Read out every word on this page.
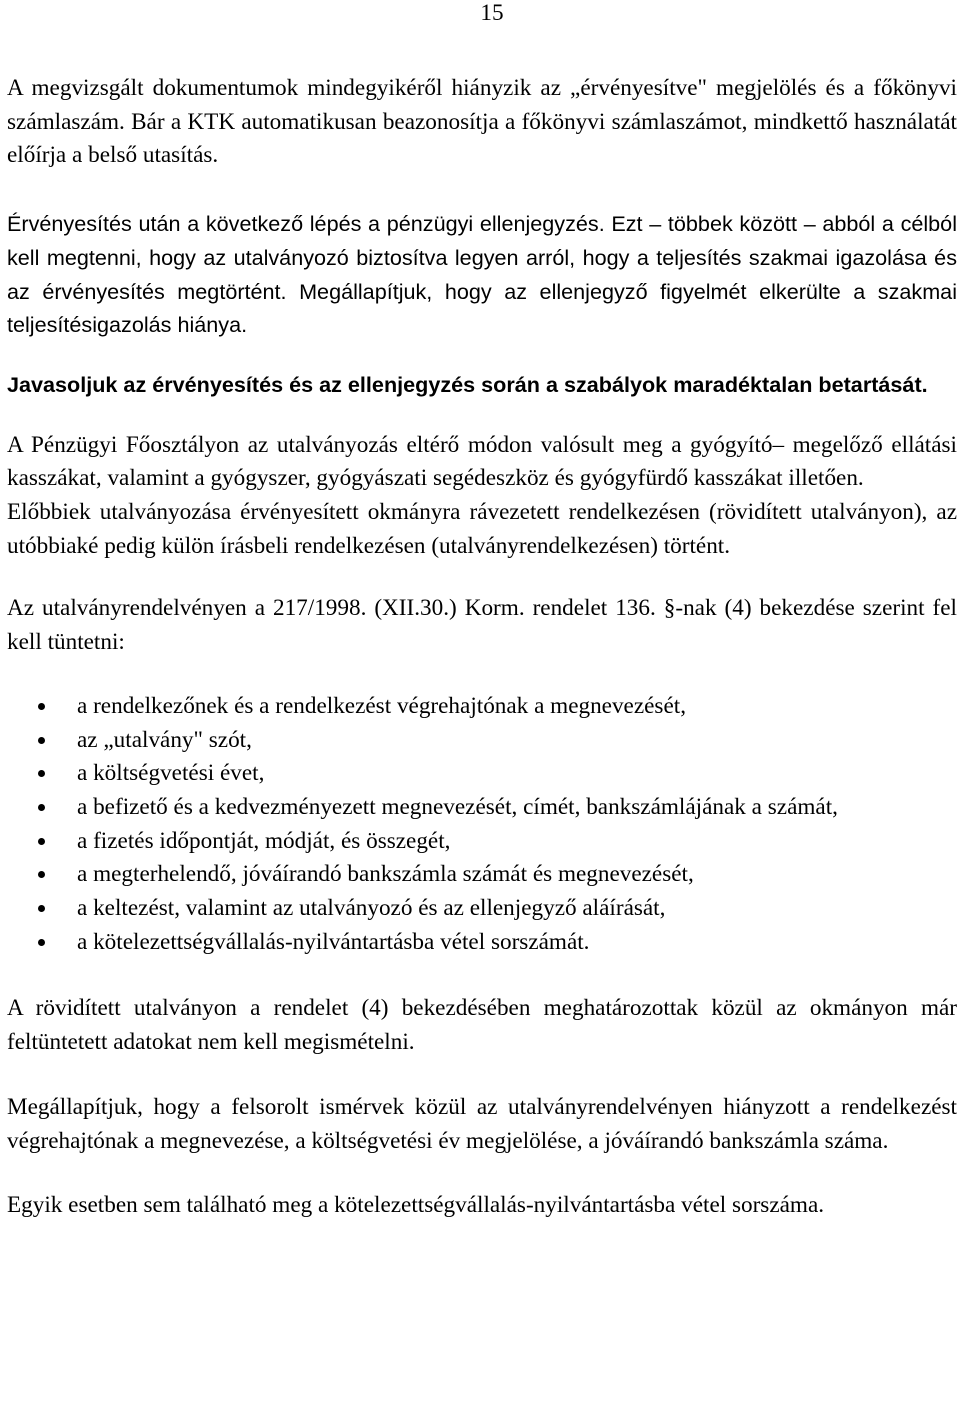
15

A megvizsgált dokumentumok mindegyikéről hiányzik az „érvényesítve" megjelölés és a főkönyvi számlaszám. Bár a KTK automatikusan beazonosítja a főkönyvi számlaszámot, mindkettő használatát előírja a belső utasítás.

Érvényesítés után a következő lépés a pénzügyi ellenjegyzés. Ezt – többek között – abból a célból kell megtenni, hogy az utalványozó biztosítva legyen arról, hogy a teljesítés szakmai igazolása és az érvényesítés megtörtént. Megállapítjuk, hogy az ellenjegyző figyelmét elkerülte a szakmai teljesítésigazolás hiánya.

Javasoljuk az érvényesítés és az ellenjegyzés során a szabályok maradéktalan betartását.

A Pénzügyi Főosztályon az utalványozás eltérő módon valósult meg a gyógyító– megelőző ellátási kasszákat, valamint a gyógyszer, gyógyászati segédeszköz és gyógyfürdő kasszákat illetően.

Előbbiek utalványozása érvényesített okmányra rávezetett rendelkezésen (rövidített utalványon), az utóbbiaké pedig külön írásbeli rendelkezésen (utalványrendelkezésen) történt.

Az utalványrendelvényen a 217/1998. (XII.30.) Korm. rendelet 136. §-nak (4) bekezdése szerint fel kell tüntetni:

a rendelkezőnek és a rendelkezést végrehajtónak a megnevezését,
az „utalvány" szót,
a költségvetési évet,
a befizető és a kedvezményezett megnevezését, címét, bankszámlájának a számát,
a fizetés időpontját, módját, és összegét,
a megterhelendő, jóváírandó bankszámla számát és megnevezését,
a keltezést, valamint az utalványozó és az ellenjegyző aláírását,
a kötelezettségvállalás-nyilvántartásba vétel sorszámát.

A rövidített utalványon a rendelet (4) bekezdésében meghatározottak közül az okmányon már feltüntetett adatokat nem kell megismételni.

Megállapítjuk, hogy a felsorolt ismérvek közül az utalványrendelvényen hiányzott a rendelkezést végrehajtónak a megnevezése, a költségvetési év megjelölése, a jóváírandó bankszámla száma.

Egyik esetben sem található meg a kötelezettségvállalás-nyilvántartásba vétel sorszáma.
